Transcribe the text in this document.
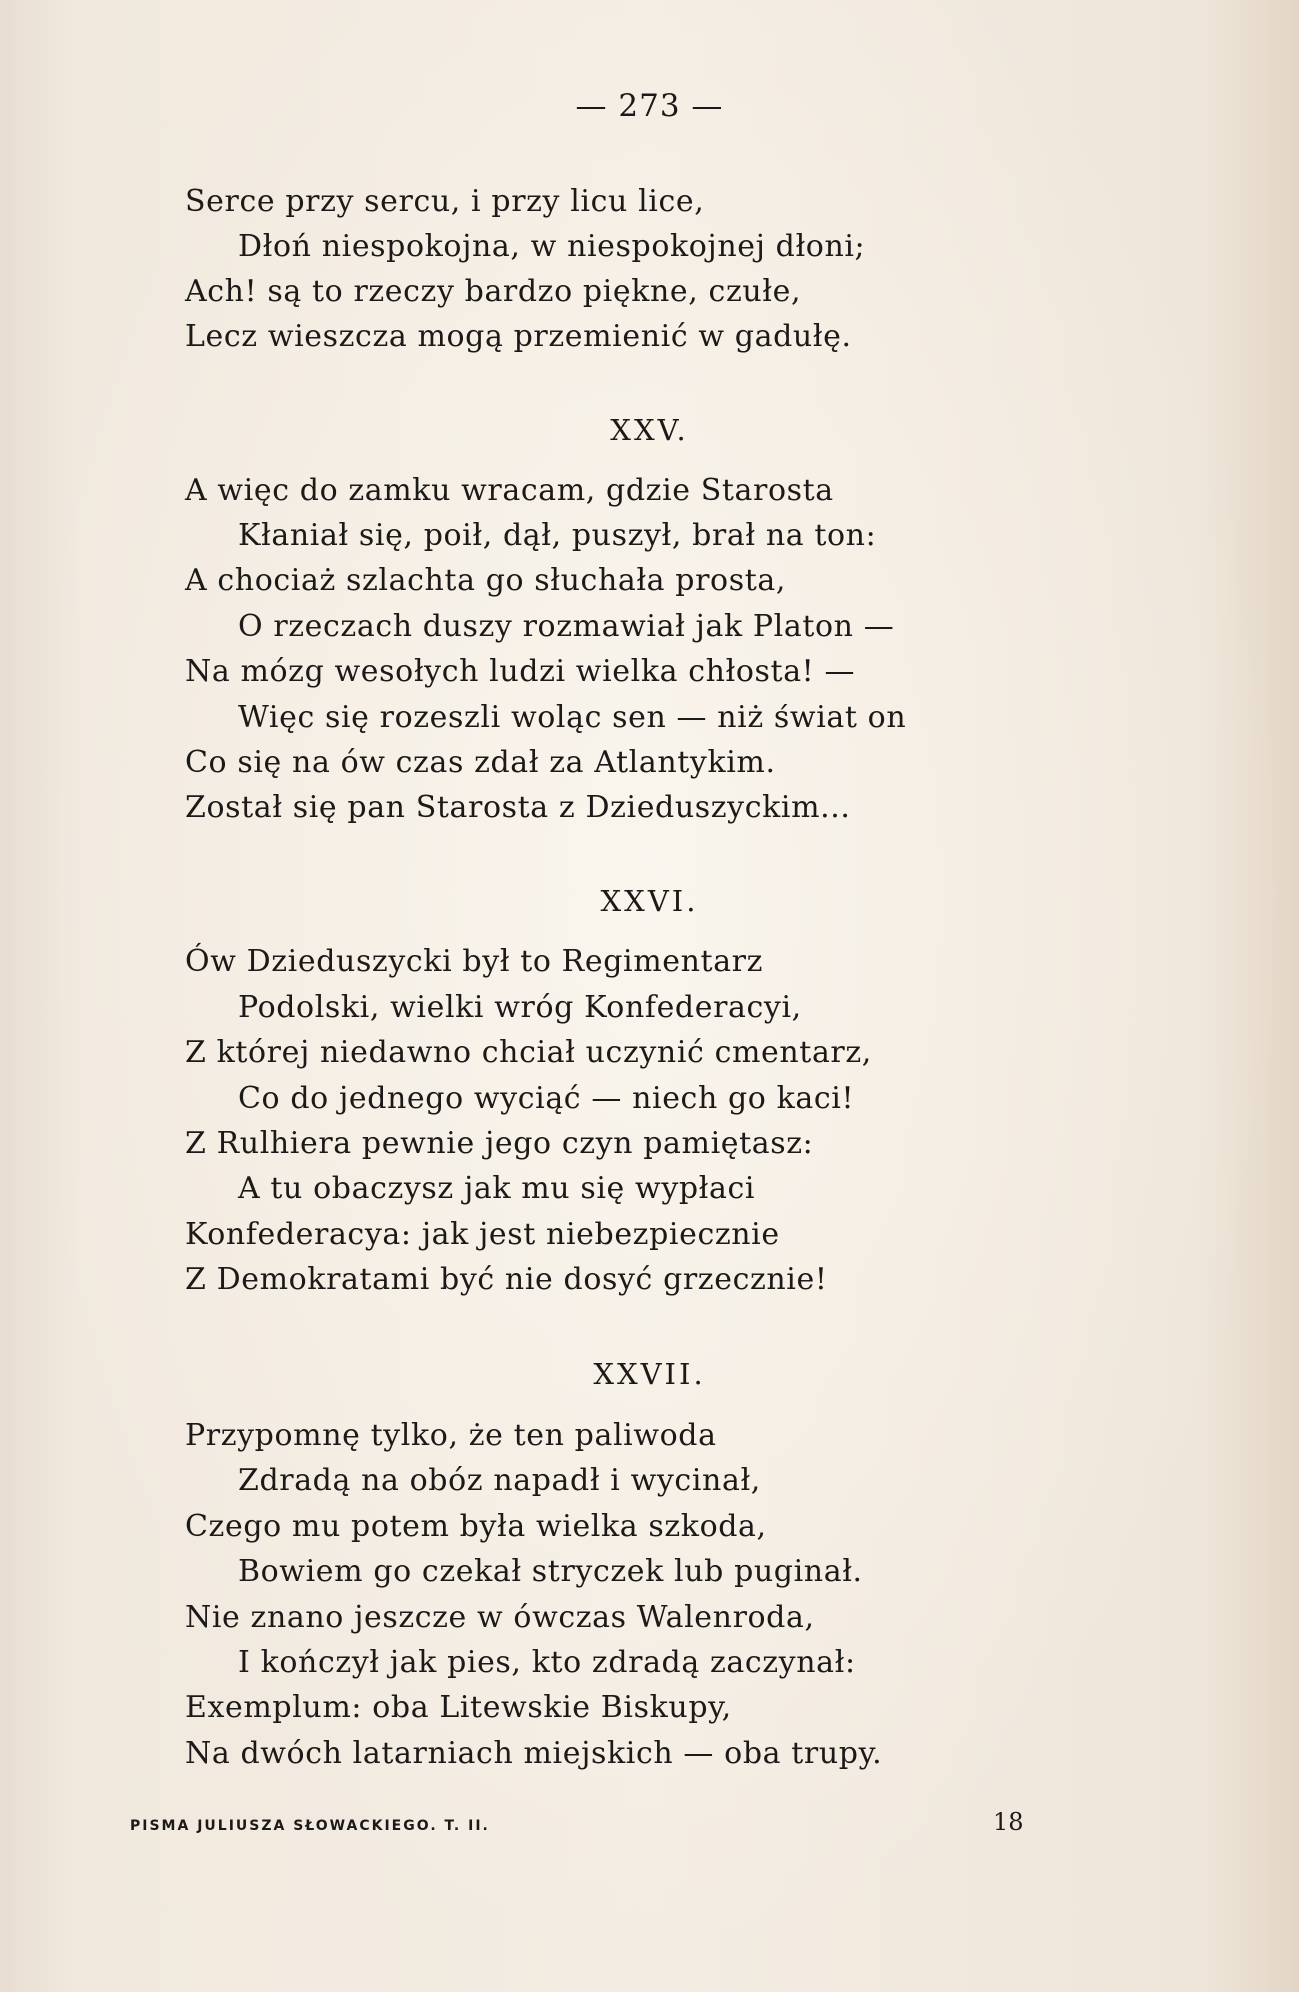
— 273 —
Serce przy sercu, i przy licu lice,
Dłoń niespokojna, w niespokojnej dłoni;
Ach! są to rzeczy bardzo piękne, czułe,
Lecz wieszcza mogą przemienić w gadułę.
XXV.
A więc do zamku wracam, gdzie Starosta
Kłaniał się, poił, dął, puszył, brał na ton:
A chociaż szlachta go słuchała prosta,
O rzeczach duszy rozmawiał jak Platon —
Na mózg wesołych ludzi wielka chłosta! —
Więc się rozeszli woląc sen — niż świat on
Co się na ów czas zdał za Atlantykim.
Został się pan Starosta z Dzieduszyckim...
XXVI.
Ów Dzieduszycki był to Regimentarz
Podolski, wielki wróg Konfederacyi,
Z której niedawno chciał uczynić cmentarz,
Co do jednego wyciąć — niech go kaci!
Z Rulhiera pewnie jego czyn pamiętasz:
A tu obaczysz jak mu się wypłaci
Konfederacya: jak jest niebezpiecznie
Z Demokratami być nie dosyć grzecznie!
XXVII.
Przypomnę tylko, że ten paliwoda
Zdradą na obóz napadł i wycinał,
Czego mu potem była wielka szkoda,
Bowiem go czekał stryczek lub puginał.
Nie znano jeszcze w ówczas Walenroda,
I kończył jak pies, kto zdradą zaczynał:
Exemplum: oba Litewskie Biskupy,
Na dwóch latarniach miejskich — oba trupy.
PISMA JULIUSZA SŁOWACKIEGO. T. II.	18
